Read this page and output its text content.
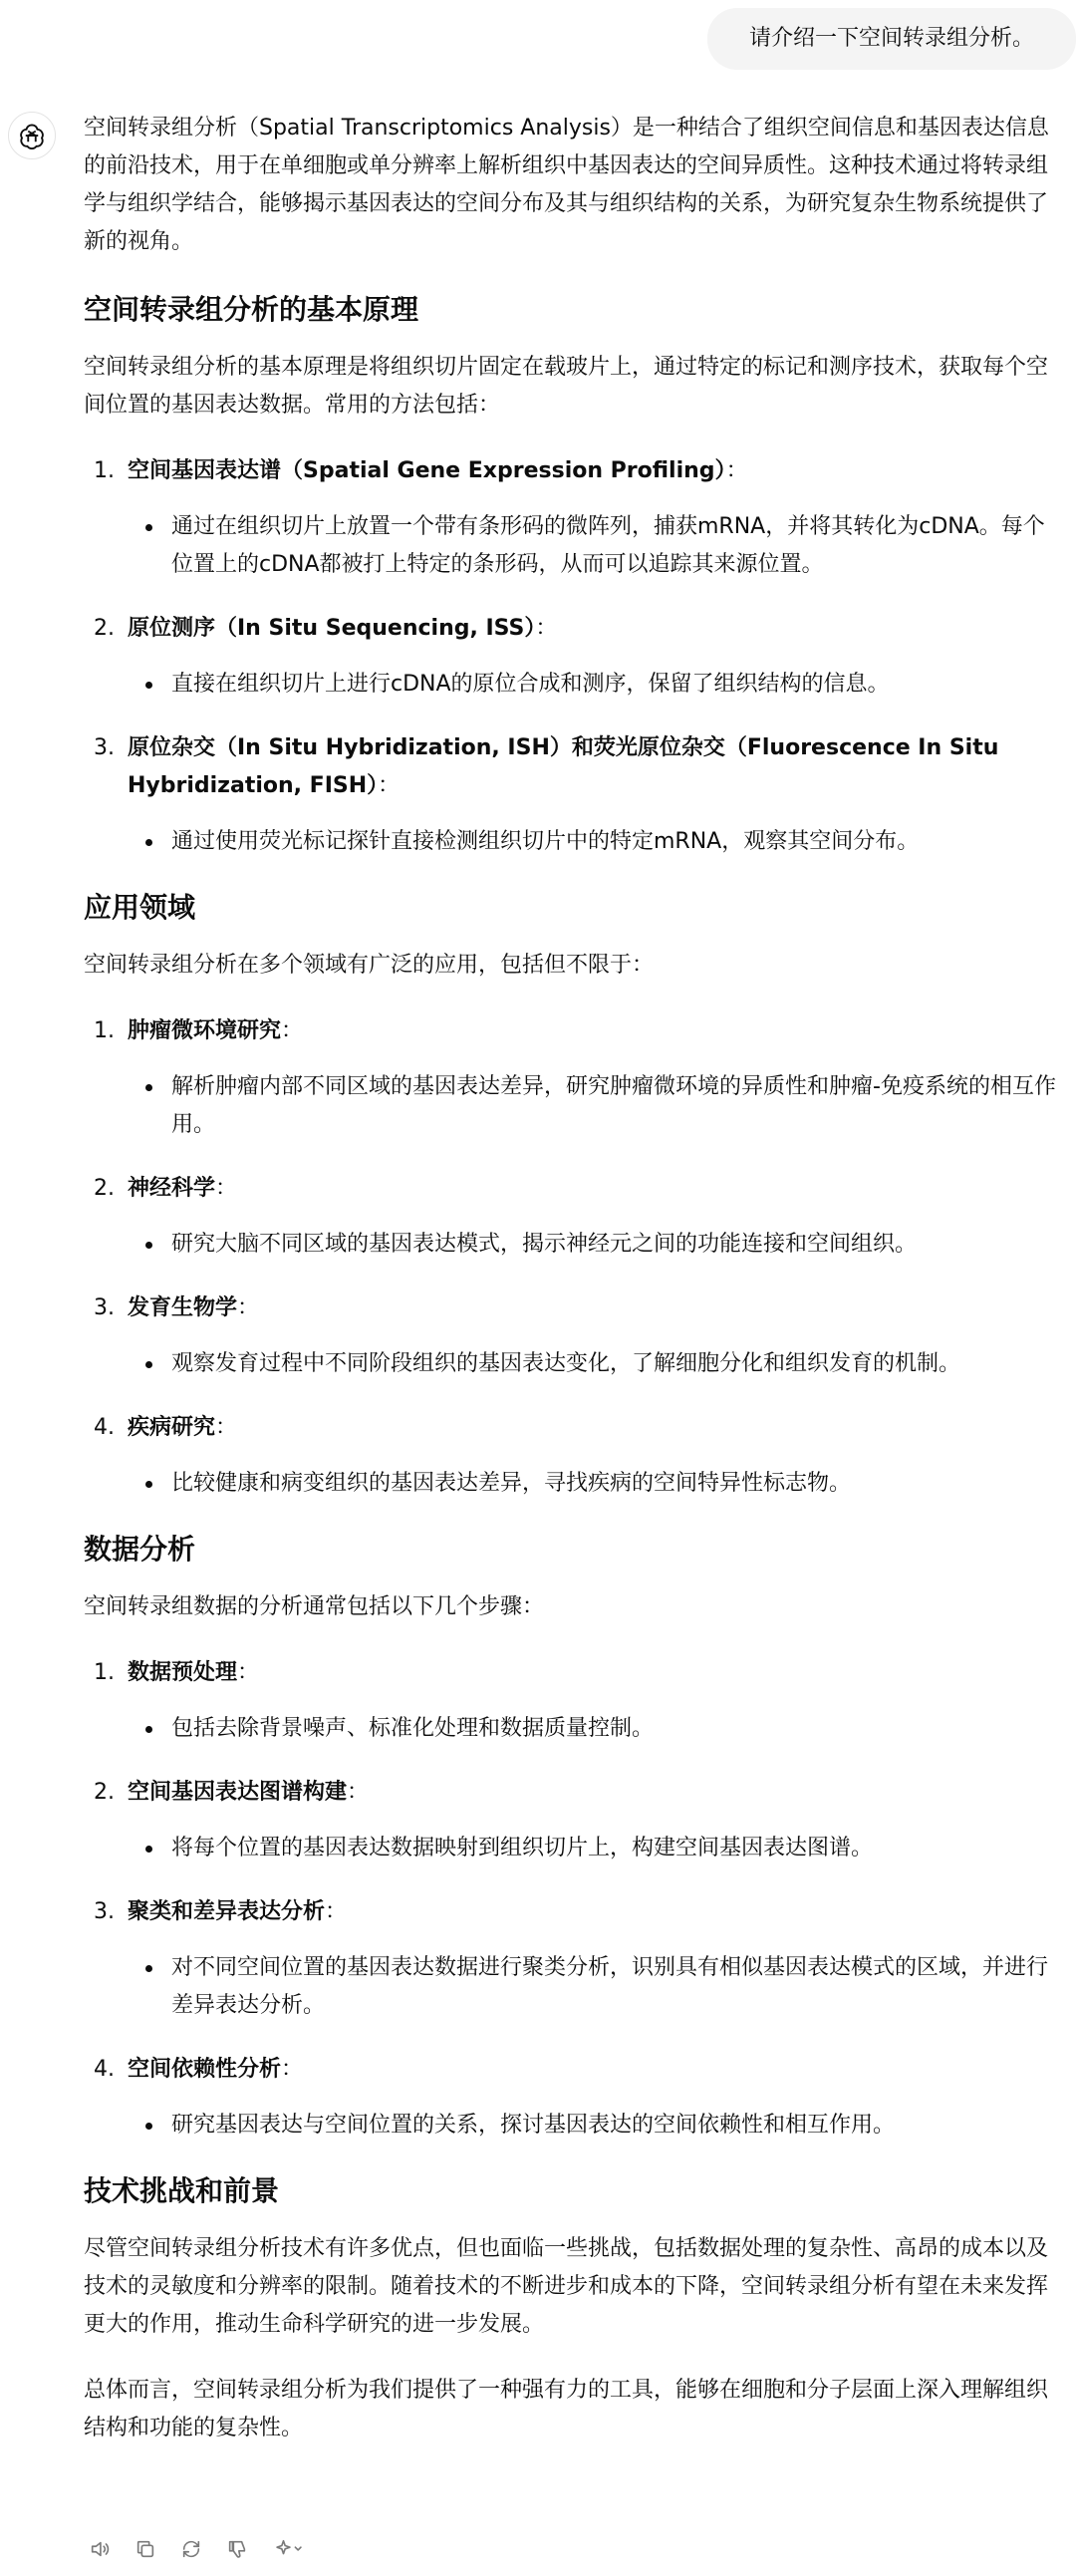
请介绍一下空间转录组分析。

空间转录组分析（Spatial Transcriptomics Analysis）是一种结合了组织空间信息和基因表达信息的前沿技术，用于在单细胞或单分辨率上解析组织中基因表达的空间异质性。这种技术通过将转录组学与组织学结合，能够揭示基因表达的空间分布及其与组织结构的关系，为研究复杂生物系统提供了新的视角。

空间转录组分析的基本原理

空间转录组分析的基本原理是将组织切片固定在载玻片上，通过特定的标记和测序技术，获取每个空间位置的基因表达数据。常用的方法包括：

1. 空间基因表达谱（Spatial Gene Expression Profiling）：
通过在组织切片上放置一个带有条形码的微阵列，捕获mRNA，并将其转化为cDNA。每个位置上的cDNA都被打上特定的条形码，从而可以追踪其来源位置。
2. 原位测序（In Situ Sequencing, ISS）：
直接在组织切片上进行cDNA的原位合成和测序，保留了组织结构的信息。
3. 原位杂交（In Situ Hybridization, ISH）和荧光原位杂交（Fluorescence In Situ Hybridization, FISH）：
通过使用荧光标记探针直接检测组织切片中的特定mRNA，观察其空间分布。
应用领域

空间转录组分析在多个领域有广泛的应用，包括但不限于：

1. 肿瘤微环境研究：
解析肿瘤内部不同区域的基因表达差异，研究肿瘤微环境的异质性和肿瘤-免疫系统的相互作用。
2. 神经科学：
研究大脑不同区域的基因表达模式，揭示神经元之间的功能连接和空间组织。
3. 发育生物学：
观察发育过程中不同阶段组织的基因表达变化，了解细胞分化和组织发育的机制。
4. 疾病研究：
比较健康和病变组织的基因表达差异，寻找疾病的空间特异性标志物。
数据分析

空间转录组数据的分析通常包括以下几个步骤：

1. 数据预处理：
包括去除背景噪声、标准化处理和数据质量控制。
2. 空间基因表达图谱构建：
将每个位置的基因表达数据映射到组织切片上，构建空间基因表达图谱。
3. 聚类和差异表达分析：
对不同空间位置的基因表达数据进行聚类分析，识别具有相似基因表达模式的区域，并进行差异表达分析。
4. 空间依赖性分析：
研究基因表达与空间位置的关系，探讨基因表达的空间依赖性和相互作用。
技术挑战和前景

尽管空间转录组分析技术有许多优点，但也面临一些挑战，包括数据处理的复杂性、高昂的成本以及技术的灵敏度和分辨率的限制。随着技术的不断进步和成本的下降，空间转录组分析有望在未来发挥更大的作用，推动生命科学研究的进一步发展。

总体而言，空间转录组分析为我们提供了一种强有力的工具，能够在细胞和分子层面上深入理解组织结构和功能的复杂性。
